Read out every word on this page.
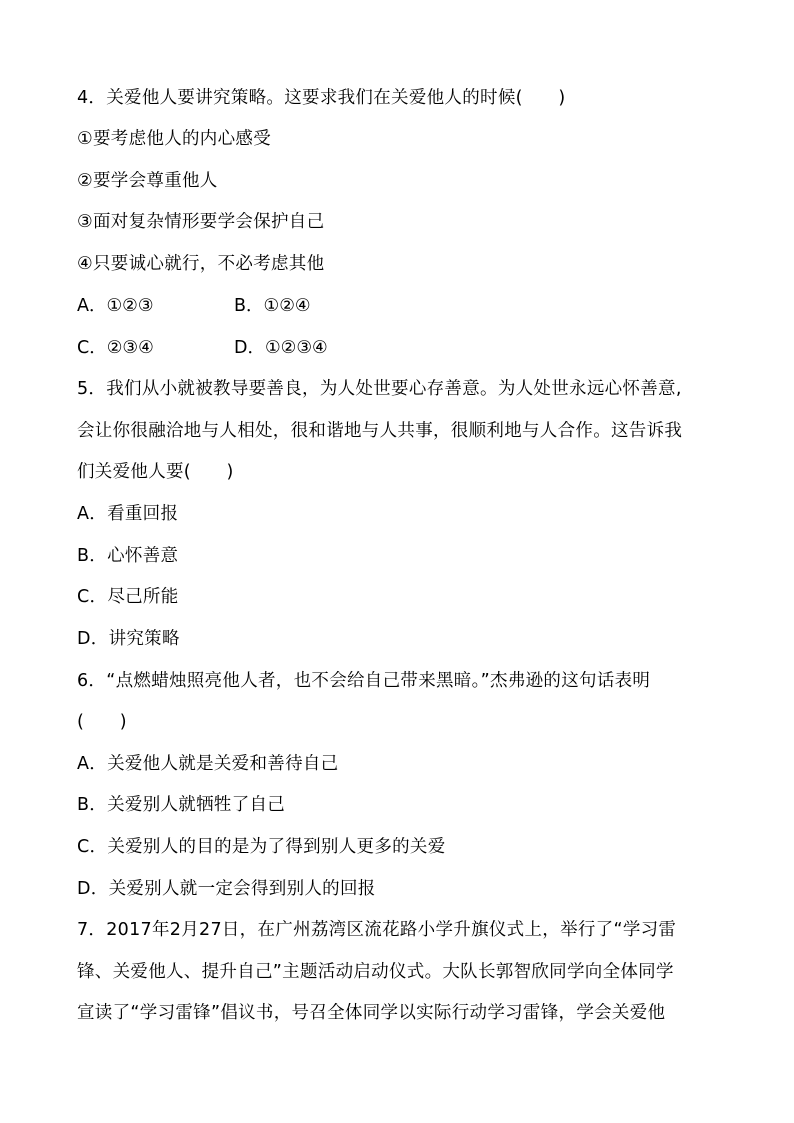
4．关爱他人要讲究策略。这要求我们在关爱他人的时候(　　)
①要考虑他人的内心感受
②要学会尊重他人
③面对复杂情形要学会保护自己
④只要诚心就行，不必考虑其他
A．①②③	B．①②④
C．②③④	D．①②③④
5．我们从小就被教导要善良，为人处世要心存善意。为人处世永远心怀善意,
会让你很融洽地与人相处，很和谐地与人共事，很顺利地与人合作。这告诉我
们关爱他人要(　　)
A．看重回报
B．心怀善意
C．尽己所能
D．讲究策略
6．“点燃蜡烛照亮他人者，也不会给自己带来黑暗。”杰弗逊的这句话表明
(　　)
A．关爱他人就是关爱和善待自己
B．关爱别人就牺牲了自己
C．关爱别人的目的是为了得到别人更多的关爱
D．关爱别人就一定会得到别人的回报
7．2017年2月27日，在广州荔湾区流花路小学升旗仪式上，举行了“学习雷
锋、关爱他人、提升自己”主题活动启动仪式。大队长郭智欣同学向全体同学
宣读了“学习雷锋”倡议书，号召全体同学以实际行动学习雷锋，学会关爱他
